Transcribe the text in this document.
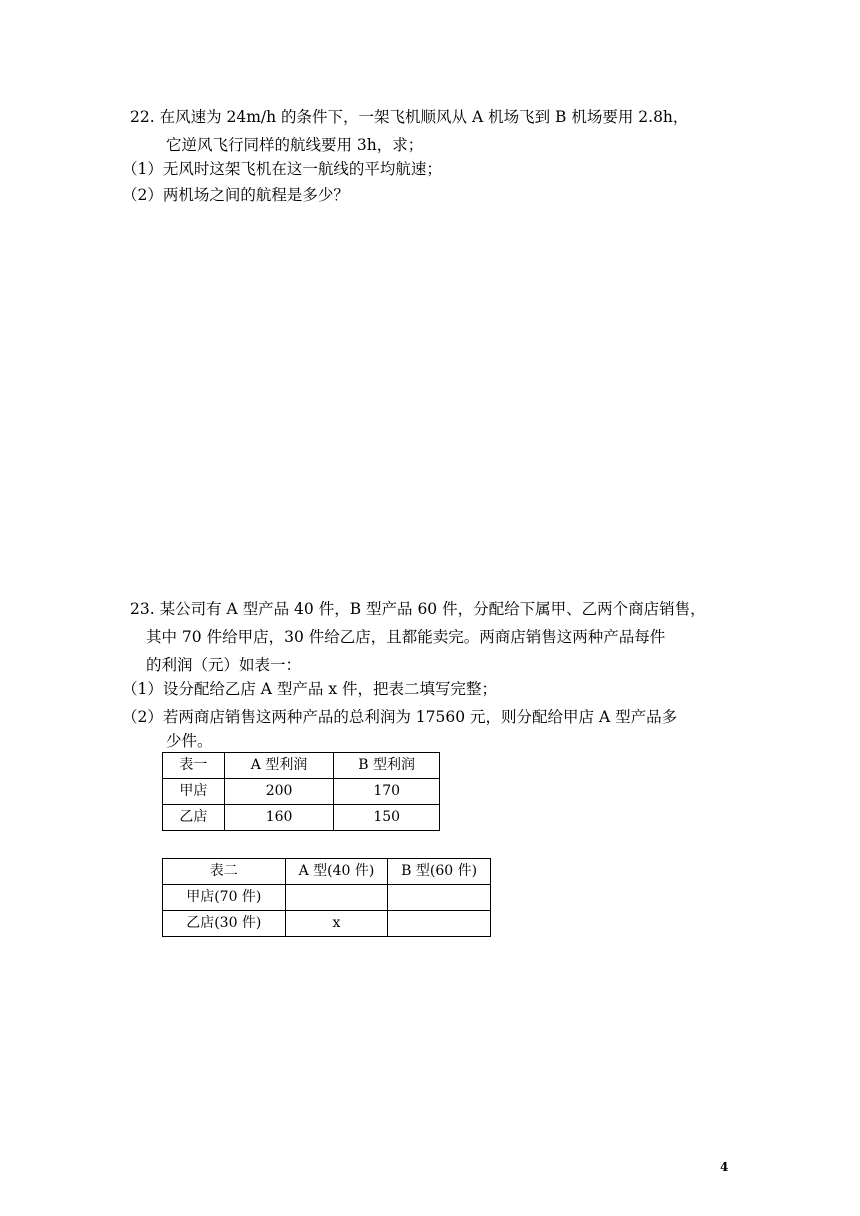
22. 在风速为 24m/h 的条件下，一架飞机顺风从 A 机场飞到 B 机场要用 2.8h，
它逆风飞行同样的航线要用 3h，求；
（1）无风时这架飞机在这一航线的平均航速；
（2）两机场之间的航程是多少？
23. 某公司有 A 型产品 40 件，B 型产品 60 件，分配给下属甲、乙两个商店销售，
其中 70 件给甲店，30 件给乙店，且都能卖完。两商店销售这两种产品每件
的利润（元）如表一：
（1）设分配给乙店 A 型产品 x 件，把表二填写完整；
（2）若两商店销售这两种产品的总利润为 17560 元，则分配给甲店 A 型产品多
少件。
表一	A 型利润	B 型利润
甲店	200	170
乙店	160	150
表二	A 型(40 件)	B 型(60 件)
甲店(70 件)		
乙店(30 件)	x	
4
